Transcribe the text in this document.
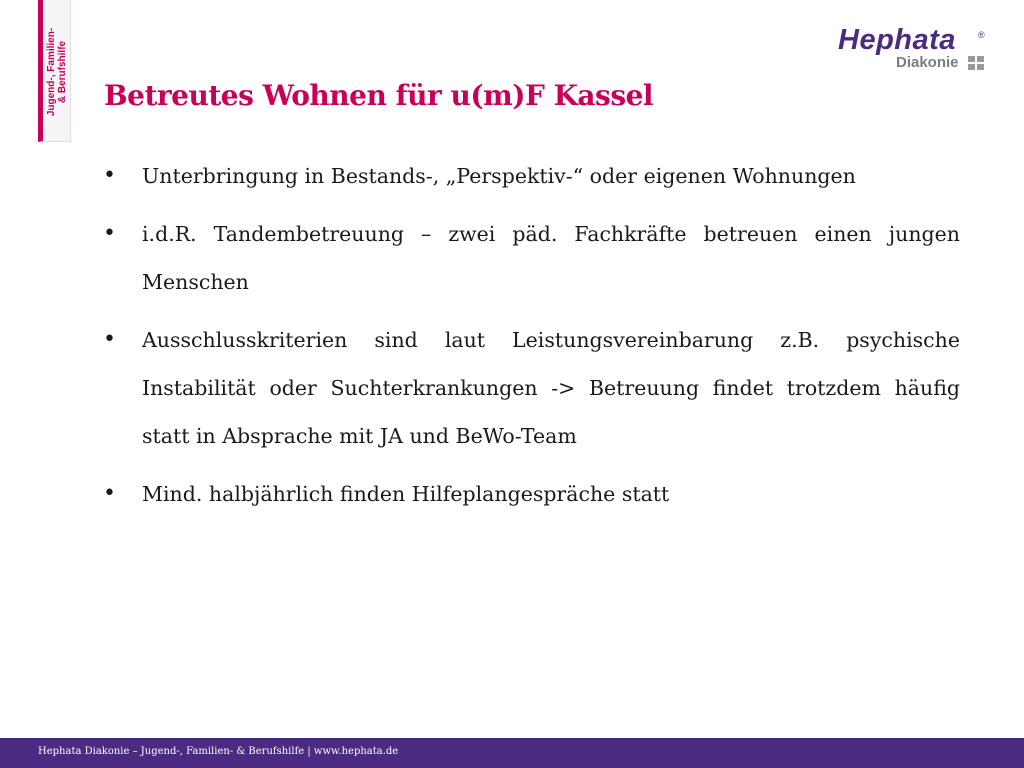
Jugend-, Familien- & Berufshilfe
Hephata ®
Diakonie
Betreutes Wohnen für u(m)F Kassel
• Unterbringung in Bestands-, „Perspektiv-“ oder eigenen Wohnungen
• i.d.R. Tandembetreuung – zwei päd. Fachkräfte betreuen einen jungen Menschen
• Ausschlusskriterien sind laut Leistungsvereinbarung z.B. psychische Instabilität oder Suchterkrankungen -> Betreuung findet trotzdem häufig statt in Absprache mit JA und BeWo-Team
• Mind. halbjährlich finden Hilfeplangespräche statt
Hephata Diakonie – Jugend-, Familien- & Berufshilfe | www.hephata.de
